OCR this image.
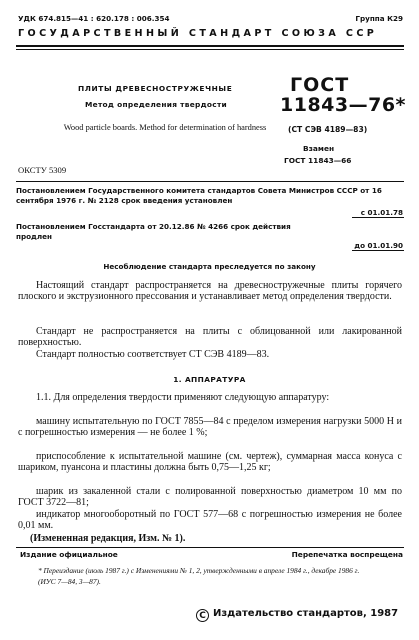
УДК 674.815—41 : 620.178 : 006.354	Группа К29
ГОСУДАРСТВЕННЫЙ СТАНДАРТ СОЮЗА ССР
ПЛИТЫ ДРЕВЕСНОСТРУЖЕЧНЫЕ
Метод определения твердости
Wood particle boards. Method for determination of hardness
ГОСТ
11843—76*
(СТ СЭВ 4189—83)
Взамен
ГОСТ 11843—66
ОКСТУ 5309
Постановлением Государственного комитета стандартов Совета Министров СССР от 16 сентября 1976 г. № 2128 срок введения установлен
с 01.01.78
Постановлением Госстандарта от 20.12.86 № 4266 срок действия продлен
до 01.01.90
Несоблюдение стандарта преследуется по закону
Настоящий стандарт распространяется на древесностружечные плиты горячего плоского и экструзионного прессования и устанавливает метод определения твердости.
Стандарт не распространяется на плиты с облицованной или лакированной поверхностью.
Стандарт полностью соответствует СТ СЭВ 4189—83.
1. АППАРАТУРА
1.1. Для определения твердости применяют следующую аппаратуру:
машину испытательную по ГОСТ 7855—84 с пределом измерения нагрузки 5000 Н и с погрешностью измерения — не более 1 %;
приспособление к испытательной машине (см. чертеж), суммарная масса конуса с шариком, пуансона и пластины должна быть 0,75—1,25 кг;
шарик из закаленной стали с полированной поверхностью диаметром 10 мм по ГОСТ 3722—81;
индикатор многооборотный по ГОСТ 577—68 с погрешностью измерения не более 0,01 мм.
(Измененная редакция, Изм. № 1).
Издание официальное	Перепечатка воспрещена
* Переиздание (июль 1987 г.) с Изменениями № 1, 2, утвержденными в апреле 1984 г., декабре 1986 г. (ИУС 7—84, 3—87).
С Издательство стандартов, 1987
